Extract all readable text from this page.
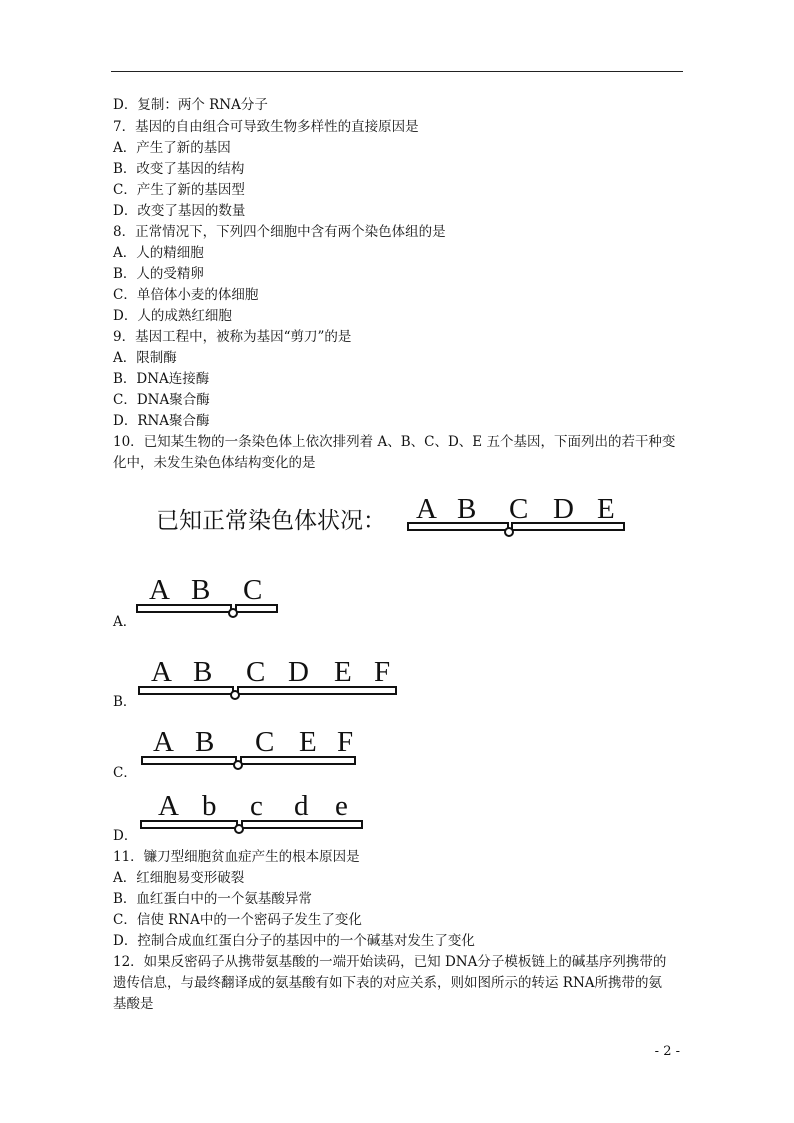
D．复制：两个 RNA分子
7．基因的自由组合可导致生物多样性的直接原因是
A．产生了新的基因
B．改变了基因的结构
C．产生了新的基因型
D．改变了基因的数量
8．正常情况下，下列四个细胞中含有两个染色体组的是
A．人的精细胞
B．人的受精卵
C．单倍体小麦的体细胞
D．人的成熟红细胞
9．基因工程中，被称为基因“剪刀”的是
A．限制酶
B．DNA连接酶
C．DNA聚合酶
D．RNA聚合酶
10．已知某生物的一条染色体上依次排列着 A、B、C、D、E 五个基因，下面列出的若干种变
化中，未发生染色体结构变化的是
已知正常染色体状况： A B C D E
A．
A B C
B．
A B C D E F
C．
A B C E F
D．
A b c d e
11．镰刀型细胞贫血症产生的根本原因是
A．红细胞易变形破裂
B．血红蛋白中的一个氨基酸异常
C．信使 RNA中的一个密码子发生了变化
D．控制合成血红蛋白分子的基因中的一个碱基对发生了变化
12．如果反密码子从携带氨基酸的一端开始读码，已知 DNA分子模板链上的碱基序列携带的
遗传信息，与最终翻译成的氨基酸有如下表的对应关系，则如图所示的转运 RNA所携带的氨
基酸是
- 2 -
